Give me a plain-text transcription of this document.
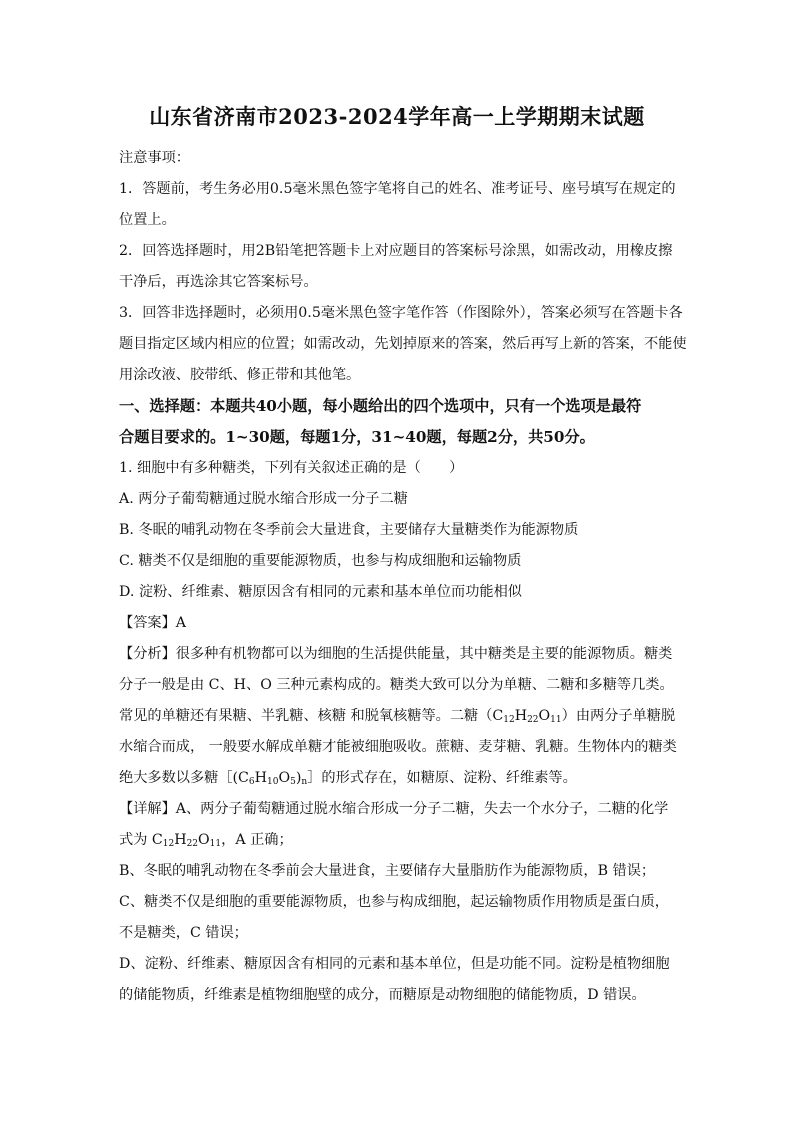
山东省济南市2023-2024学年高一上学期期末试题

注意事项：

1．答题前，考生务必用0.5毫米黑色签字笔将自己的姓名、准考证号、座号填写在规定的

位置上。

2．回答选择题时，用2B铅笔把答题卡上对应题目的答案标号涂黑，如需改动，用橡皮擦

干净后，再选涂其它答案标号。

3．回答非选择题时，必须用0.5毫米黑色签字笔作答（作图除外），答案必须写在答题卡各

题目指定区域内相应的位置；如需改动，先划掉原来的答案，然后再写上新的答案，不能使

用涂改液、胶带纸、修正带和其他笔。

一、选择题：本题共40小题，每小题给出的四个选项中，只有一个选项是最符

合题目要求的。1~30题，每题1分，31~40题，每题2分，共50分。

1. 细胞中有多种糖类，下列有关叙述正确的是（　　）

A. 两分子葡萄糖通过脱水缩合形成一分子二糖

B. 冬眠的哺乳动物在冬季前会大量进食，主要储存大量糖类作为能源物质

C. 糖类不仅是细胞的重要能源物质，也参与构成细胞和运输物质

D. 淀粉、纤维素、糖原因含有相同的元素和基本单位而功能相似

【答案】A

【分析】很多种有机物都可以为细胞的生活提供能量，其中糖类是主要的能源物质。糖类

分子一般是由 C、H、O 三种元素构成的。糖类大致可以分为单糖、二糖和多糖等几类。

常见的单糖还有果糖、半乳糖、核糖 和脱氧核糖等。二糖$(C_{12}H_{22}O_{11})$由两分子单糖脱

水缩合而成， 一般要水解成单糖才能被细胞吸收。蔗糖、麦芽糖、乳糖。生物体内的糖类

绝大多数以多糖$[(C_6H_{10}O_5)_n]$的形式存在，如糖原、淀粉、纤维素等。

【详解】A、两分子葡萄糖通过脱水缩合形成一分子二糖，失去一个水分子，二糖的化学

式为 $C_{12}H_{22}O_{11}$，A 正确；

B、冬眠的哺乳动物在冬季前会大量进食，主要储存大量脂肪作为能源物质，B 错误；

C、糖类不仅是细胞的重要能源物质，也参与构成细胞，起运输物质作用物质是蛋白质，

不是糖类，C 错误；

D、淀粉、纤维素、糖原因含有相同的元素和基本单位，但是功能不同。淀粉是植物细胞

的储能物质，纤维素是植物细胞壁的成分，而糖原是动物细胞的储能物质，D 错误。
